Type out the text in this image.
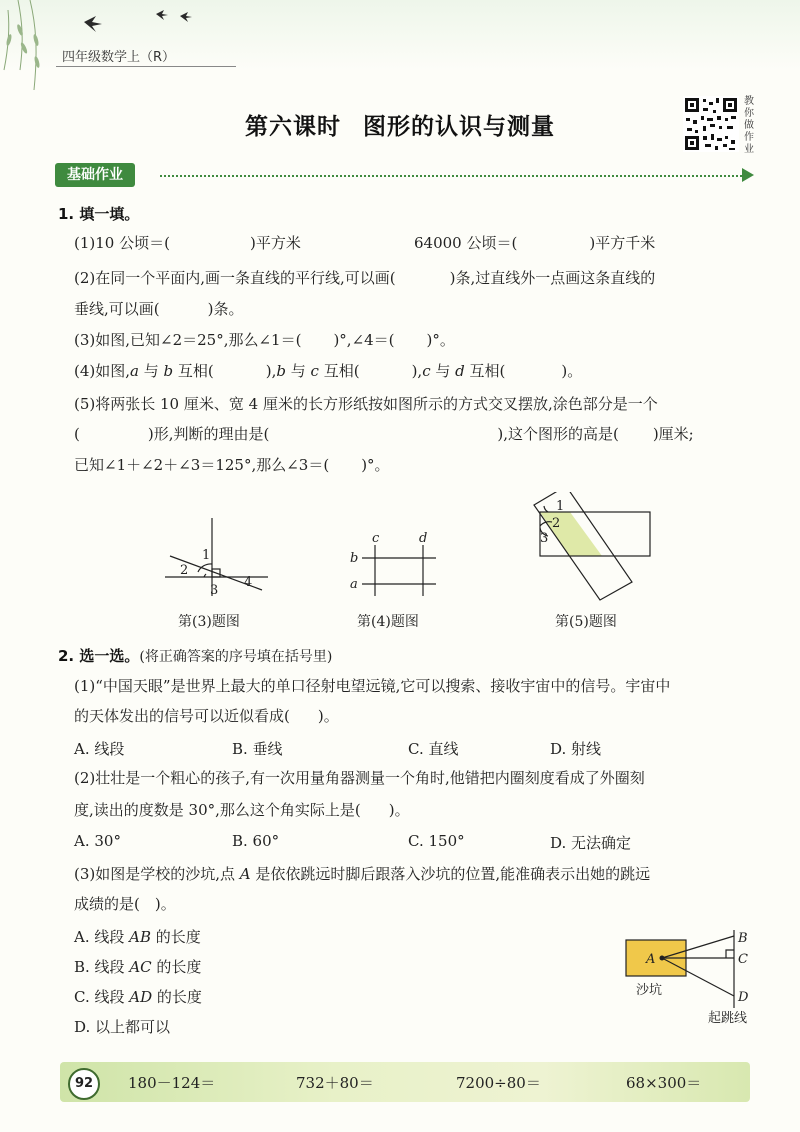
四年级数学上（R）
第六课时 图形的认识与测量
教
你
做
作
业
基础作业
1. 填一填。
(1)10 公顷＝(	)平方米	64000 公顷＝(	)平方千米
(2)在同一个平面内,画一条直线的平行线,可以画(	)条,过直线外一点画这条直线的
垂线,可以画(	)条。
(3)如图,已知∠2＝25°,那么∠1＝( )°,∠4＝( )°。
(4)如图,a 与 b 互相(	),b 与 c 互相(	),c 与 d 互相(	)。
(5)将两张长 10 厘米、宽 4 厘米的长方形纸按如图所示的方式交叉摆放,涂色部分是一个
(	)形,判断的理由是(	),这个图形的高是( )厘米;
已知∠1＋∠2＋∠3＝125°,那么∠3＝( )°。
1
2
3
4
第(3)题图
c	d
b
a
第(4)题图
1
2
3
第(5)题图
2. 选一选。(将正确答案的序号填在括号里)
(1)“中国天眼”是世界上最大的单口径射电望远镜,它可以搜索、接收宇宙中的信号。宇宙中
的天体发出的信号可以近似看成( )。
A. 线段	B. 垂线	C. 直线	D. 射线
(2)壮壮是一个粗心的孩子,有一次用量角器测量一个角时,他错把内圈刻度看成了外圈刻
度,读出的度数是 30°,那么这个角实际上是( )。
A. 30°	B. 60°	C. 150°	D. 无法确定
(3)如图是学校的沙坑,点 A 是依依跳远时脚后跟落入沙坑的位置,能准确表示出她的跳远
成绩的是(　)。
A. 线段 AB 的长度
B. 线段 AC 的长度
C. 线段 AD 的长度
D. 以上都可以
A
B
C
D
沙坑
起跳线
92	180－124＝	732＋80＝	7200÷80＝	68×300＝
